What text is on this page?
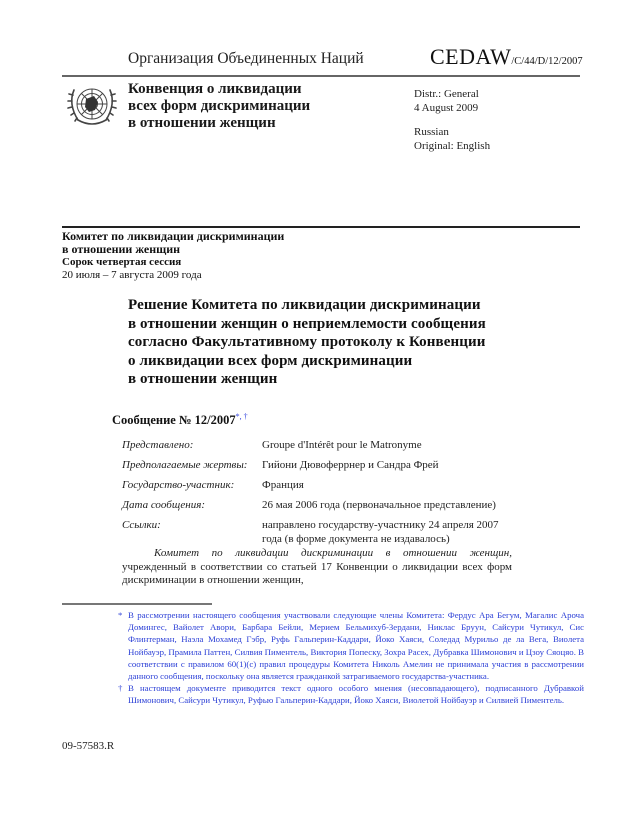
Организация Объединенных Наций	CEDAW/C/44/D/12/2007
Конвенция о ликвидации
всех форм дискриминации
в отношении женщин
Distr.: General
4 August 2009
Russian
Original: English
Комитет по ликвидации дискриминации
в отношении женщин
Сорок четвертая сессия
20 июля – 7 августа 2009 года
Решение Комитета по ликвидации дискриминации
в отношении женщин о неприемлемости сообщения
согласно Факультативному протоколу к Конвенции
о ликвидации всех форм дискриминации
в отношении женщин
Сообщение № 12/2007*, †
Представлено:	Groupe d'Intérêt pour le Matronyme
Предполагаемые жертвы:	Гийони Дювоферрнер и Сандра Фрей
Государство-участник:	Франция
Дата сообщения:	26 мая 2006 года (первоначальное представление)
Ссылки:	направлено государству-участнику 24 апреля 2007 года (в форме документа не издавалось)
Комитет по ликвидации дискриминации в отношении женщин, учрежденный в соответствии со статьей 17 Конвенции о ликвидации всех форм дискриминации в отношении женщин,
* В рассмотрении настоящего сообщения участвовали следующие члены Комитета: Фердус Ара Бегум, Магалис Ароча Домингес, Вайолет Авори, Барбара Бейли, Мерием Бельмихуб-Зердани, Никлас Бруун, Сайсури Чутикул, Сис Флинтерман, Наэла Мохамед Гэбр, Руфь Гальперин-Каддари, Йоко Хаяси, Соледад Мурильо де ла Вега, Виолета Нойбауэр, Прамила Паттен, Силвия Пиментель, Виктория Попеску, Зохра Расех, Дубравка Шимонович и Цзоу Сяоцяо. В соответствии с правилом 60(1)(c) правил процедуры Комитета Николь Амелин не принимала участия в рассмотрении данного сообщения, поскольку она является гражданкой затрагиваемого государства-участника.
† В настоящем документе приводится текст одного особого мнения (несовпадающего), подписанного Дубравкой Шимонович, Сайсури Чутикул, Руфью Гальперин-Каддари, Йоко Хаяси, Виолетой Нойбауэр и Силвией Пиментель.
09-57583.R
